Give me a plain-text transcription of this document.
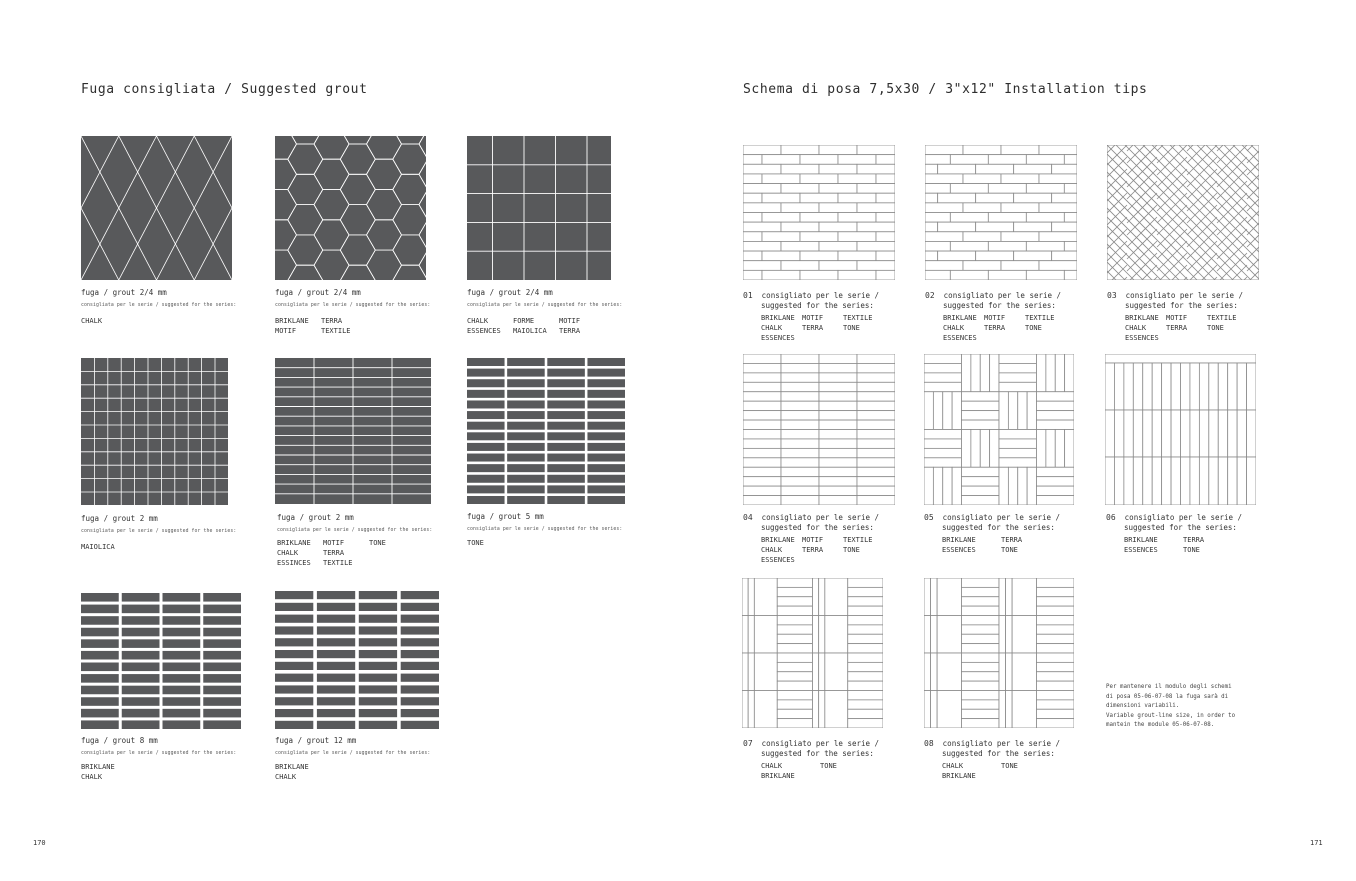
Fuga consigliata / Suggested grout
fuga / grout 2/4 mm
consigliata per le serie / suggested for the series:
CHALK
fuga / grout 2/4 mm
consigliata per le serie / suggested for the series:
BRIKLANE
MOTIF
TERRA
TEXTILE
fuga / grout 2/4 mm
consigliata per le serie / suggested for the series:
CHALK
ESSENCES
FORME
MAIOLICA
MOTIF
TERRA
fuga / grout 2 mm
consigliata per le serie / suggested for the series:
MAIOLICA
fuga / grout 2 mm
consigliata per le serie / suggested for the series:
BRIKLANE
CHALK
ESSINCES
MOTIF
TERRA
TEXTILE
TONE
fuga / grout 5 mm
consigliata per le serie / suggested for the series:
TONE
fuga / grout 8 mm
consigliata per le serie / suggested for the series:
BRIKLANE
CHALK
fuga / grout 12 mm
consigliata per le serie / suggested for the series:
BRIKLANE
CHALK
170
Schema di posa 7,5x30 / 3"x12" Installation tips
01 consigliato per le serie /
suggested for the series:
BRIKLANE
CHALK
ESSENCES
MOTIF
TERRA
TEXTILE
TONE
02 consigliato per le serie /
suggested for the series:
BRIKLANE
CHALK
ESSENCES
MOTIF
TERRA
TEXTILE
TONE
03 consigliato per le serie /
suggested for the series:
BRIKLANE
CHALK
ESSENCES
MOTIF
TERRA
TEXTILE
TONE
04 consigliato per le serie /
suggested for the series:
BRIKLANE
CHALK
ESSENCES
MOTIF
TERRA
TEXTILE
TONE
05 consigliato per le serie /
suggested for the series:
BRIKLANE
ESSENCES
TERRA
TONE
06 consigliato per le serie /
suggested for the series:
BRIKLANE
ESSENCES
TERRA
TONE
07 consigliato per le serie /
suggested for the series:
CHALK
BRIKLANE
TONE
08 consigliato per le serie /
suggested for the series:
CHALK
BRIKLANE
TONE
Per mantenere il modulo degli schemi
di posa 05-06-07-08 la fuga sarà di
dimensioni variabili.
Variable grout-line size, in order to
mantein the module 05-06-07-08.
171
